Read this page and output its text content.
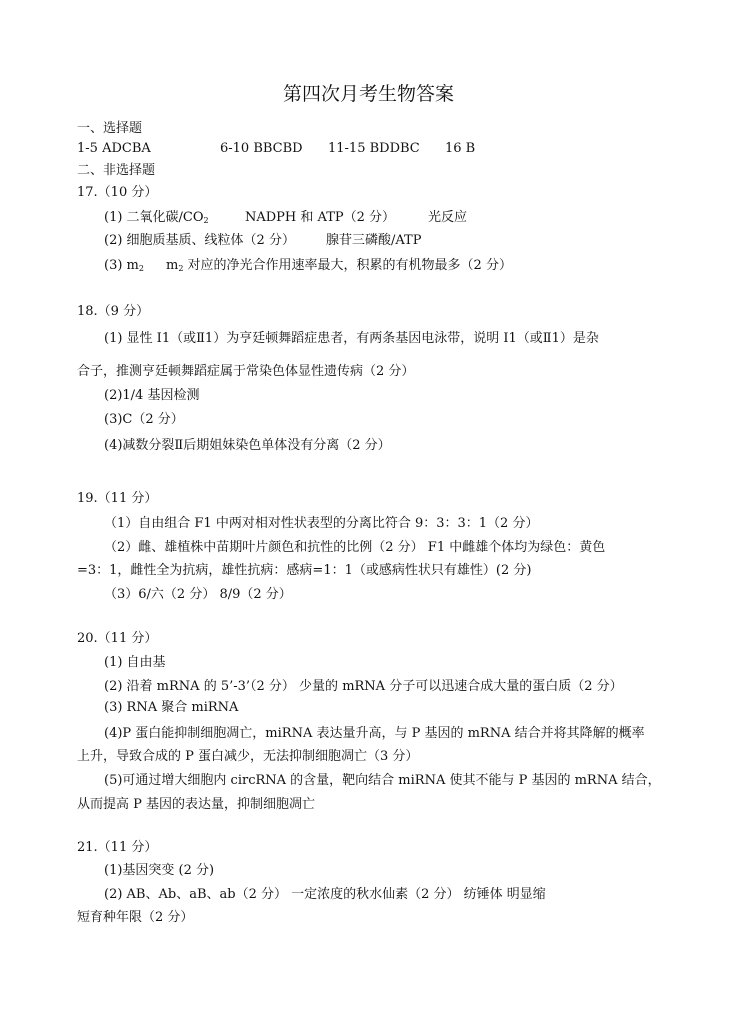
第四次月考生物答案
一、选择题
1-5 ADCBA	6-10 BBCBD 11-15 BDDBC 16 B
二、非选择题
17.（10 分）
(1) 二氧化碳$/CO_2$	NADPH 和 ATP（2 分）	光反应
(2) 细胞质基质、线粒体（2 分） 腺苷三磷酸/ATP
(3) $m_2$ $m_2$ 对应的净光合作用速率最大，积累的有机物最多（2 分）
18.（9 分）
(1) 显性 I1（或Ⅱ1）为亨廷顿舞蹈症患者，有两条基因电泳带，说明 I1（或Ⅱ1）是杂
合子，推测亨廷顿舞蹈症属于常染色体显性遗传病（2 分）
(2)1/4 基因检测
(3)C（2 分）
(4)减数分裂Ⅱ后期姐妹染色单体没有分离（2 分）
19.（11 分）
（1）自由组合 F1 中两对相对性状表型的分离比符合 9：3：3：1（2 分）
（2）雌、雄植株中苗期叶片颜色和抗性的比例（2 分） F1 中雌雄个体均为绿色：黄色
=3：1，雌性全为抗病，雄性抗病：感病=1：1（或感病性状只有雄性）(2 分)
（3）6/六（2 分） 8/9（2 分）
20.（11 分）
(1) 自由基
(2) 沿着 mRNA 的 5’-3’（2 分） 少量的 mRNA 分子可以迅速合成大量的蛋白质（2 分）
(3) RNA 聚合 miRNA
(4)P 蛋白能抑制细胞凋亡，miRNA 表达量升高，与 P 基因的 mRNA 结合并将其降解的概率
上升，导致合成的 P 蛋白减少，无法抑制细胞凋亡（3 分）
(5)可通过增大细胞内 circRNA 的含量，靶向结合 miRNA 使其不能与 P 基因的 mRNA 结合，
从而提高 P 基因的表达量，抑制细胞凋亡
21.（11 分）
(1)基因突变 (2 分)
(2) AB、Ab、aB、ab（2 分） 一定浓度的秋水仙素（2 分） 纺锤体 明显缩
短育种年限（2 分）
